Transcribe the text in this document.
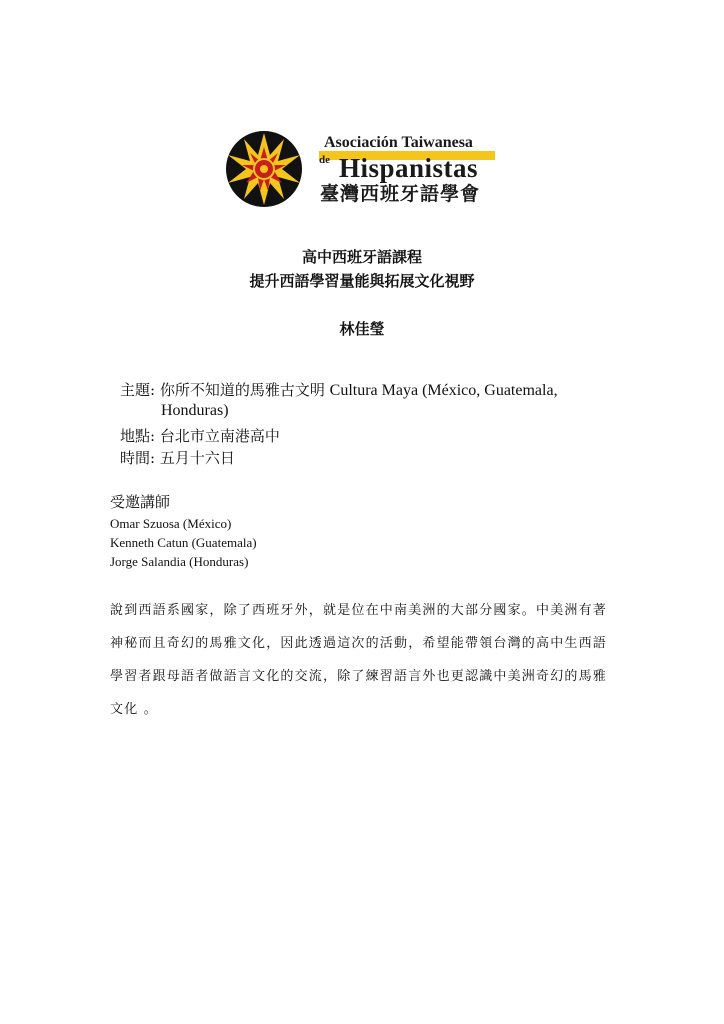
Asociación Taiwanesa
de Hispanistas
臺灣西班牙語學會
高中西班牙語課程
提升西語學習量能與拓展文化視野
林佳瑩
主題: 你所不知道的馬雅古文明 Cultura Maya (México, Guatemala,
Honduras)
地點: 台北市立南港高中
時間: 五月十六日
受邀講師
Omar Szuosa (México)
Kenneth Catun (Guatemala)
Jorge Salandia (Honduras)
說到西語系國家，除了西班牙外，就是位在中南美洲的大部分國家。中美洲有著
神秘而且奇幻的馬雅文化，因此透過這次的活動，希望能帶領台灣的高中生西語
學習者跟母語者做語言文化的交流，除了練習語言外也更認識中美洲奇幻的馬雅
文化 。
